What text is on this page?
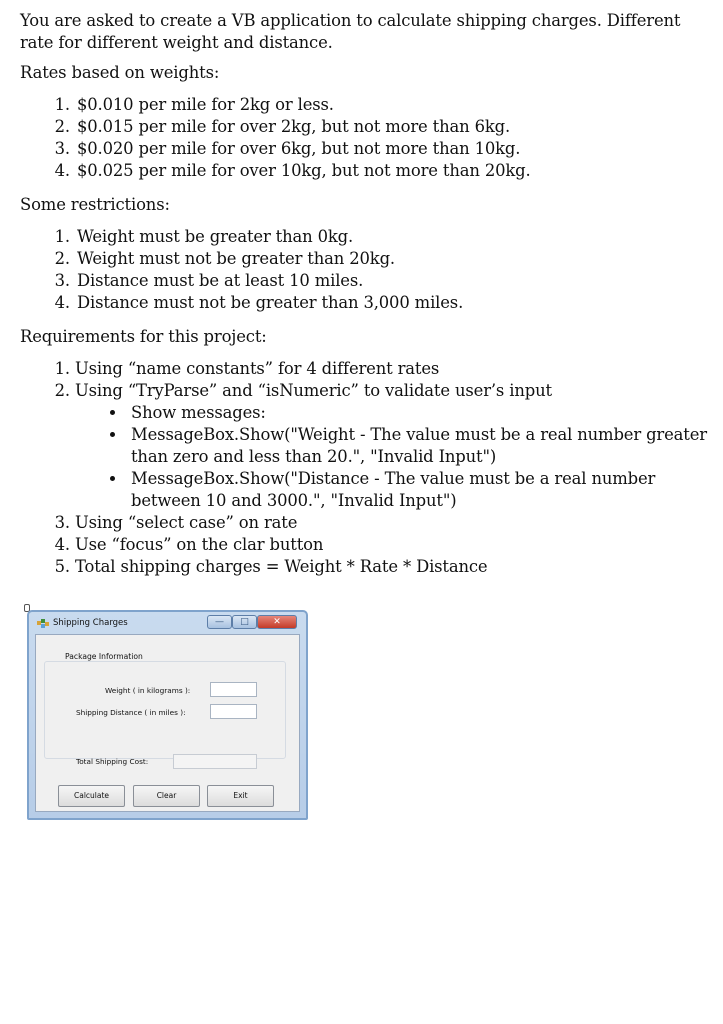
You are asked to create a VB application to calculate shipping charges. Different rate for different weight and distance.

Rates based on weights:

1. $0.010 per mile for 2kg or less.
2. $0.015 per mile for over 2kg, but not more than 6kg.
3. $0.020 per mile for over 6kg, but not more than 10kg.
4. $0.025 per mile for over 10kg, but not more than 20kg.

Some restrictions:

1. Weight must be greater than 0kg.
2. Weight must not be greater than 20kg.
3. Distance must be at least 10 miles.
4. Distance must not be greater than 3,000 miles.

Requirements for this project:

1. Using “name constants” for 4 different rates
2. Using “TryParse” and “isNumeric” to validate user’s input
• Show messages:
• MessageBox.Show("Weight - The value must be a real number greater than zero and less than 20.", "Invalid Input")
• MessageBox.Show("Distance - The value must be a real number between 10 and 3000.", "Invalid Input")
3. Using “select case” on rate
4. Use “focus” on the clar button
5. Total shipping charges = Weight * Rate * Distance
Shipping Charges	—	□	✕
Package Information
Weight ( in kilograms ):
Shipping Distance ( in miles ):
Total Shipping Cost:
Calculate	Clear	Exit
